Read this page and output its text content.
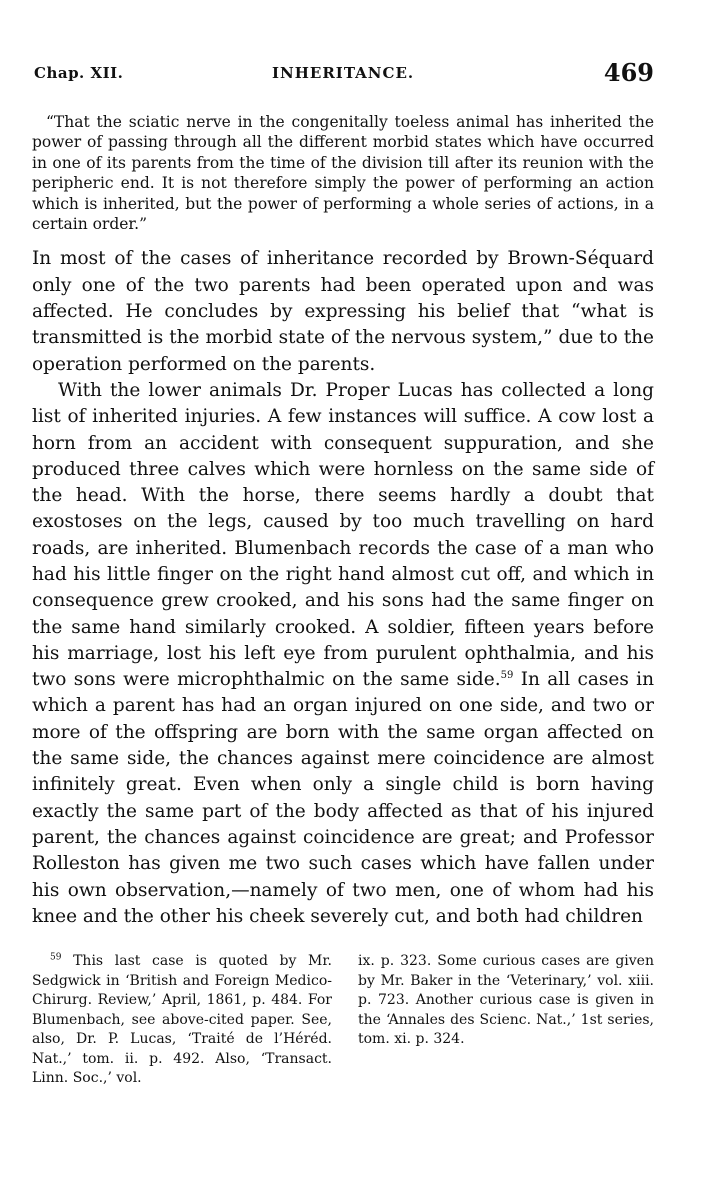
Chap. XII.	INHERITANCE.	469

“That the sciatic nerve in the congenitally toeless animal has inherited the power of passing through all the different morbid states which have occurred in one of its parents from the time of the division till after its reunion with the peripheric end. It is not therefore simply the power of performing an action which is inherited, but the power of performing a whole series of actions, in a certain order.”

In most of the cases of inheritance recorded by Brown-Séquard only one of the two parents had been operated upon and was affected. He concludes by expressing his belief that “what is transmitted is the morbid state of the nervous system,” due to the operation performed on the parents.

With the lower animals Dr. Proper Lucas has collected a long list of inherited injuries. A few instances will suffice. A cow lost a horn from an accident with consequent suppuration, and she produced three calves which were hornless on the same side of the head. With the horse, there seems hardly a doubt that exostoses on the legs, caused by too much travelling on hard roads, are inherited. Blumenbach records the case of a man who had his little finger on the right hand almost cut off, and which in consequence grew crooked, and his sons had the same finger on the same hand similarly crooked. A soldier, fifteen years before his marriage, lost his left eye from purulent ophthalmia, and his two sons were microphthalmic on the same side.$^{59}$ In all cases in which a parent has had an organ injured on one side, and two or more of the offspring are born with the same organ affected on the same side, the chances against mere coincidence are almost infinitely great. Even when only a single child is born having exactly the same part of the body affected as that of his injured parent, the chances against coincidence are great; and Professor Rolleston has given me two such cases which have fallen under his own observation,—namely of two men, one of whom had his knee and the other his cheek severely cut, and both had children

$^{59}$ This last case is quoted by Mr. Sedgwick in ‘British and Foreign Medico-Chirurg. Review,’ April, 1861, p. 484. For Blumenbach, see above-cited paper. See, also, Dr. P. Lucas, ‘Traité de l’Héréd. Nat.,’ tom. ii. p. 492. Also, ‘Transact. Linn. Soc.,’ vol.
ix. p. 323. Some curious cases are given by Mr. Baker in the ‘Veterinary,’ vol. xiii. p. 723. Another curious case is given in the ‘Annales des Scienc. Nat.,’ 1st series, tom. xi. p. 324.
